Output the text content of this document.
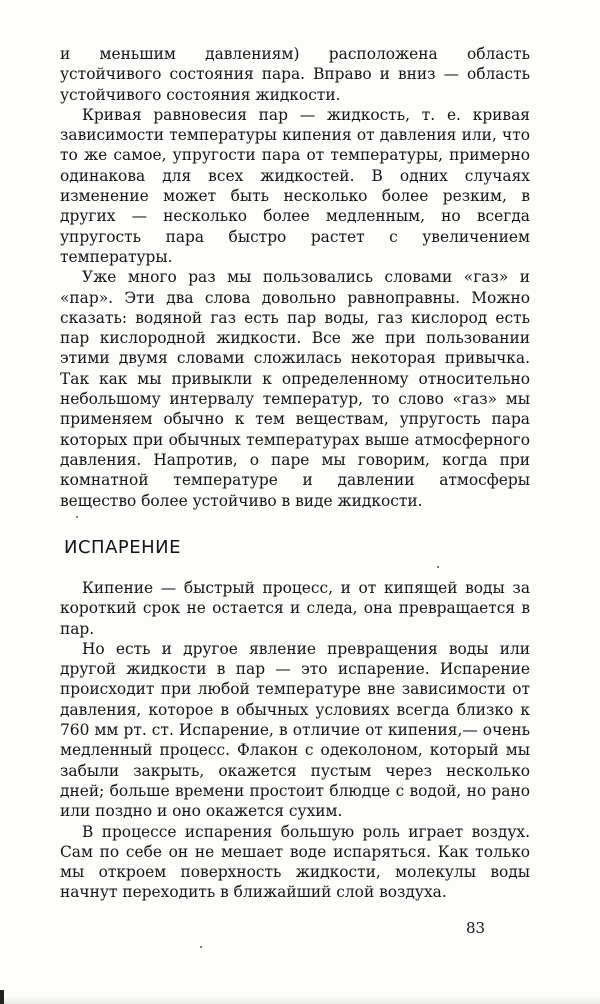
и меньшим давлениям) расположена область устойчивого состояния пара. Вправо и вниз — область устойчивого состояния жидкости.

Кривая равновесия пар — жидкость, т. е. кривая зависимости температуры кипения от давления или, что то же самое, упругости пара от температуры, примерно одинакова для всех жидкостей. В одних случаях изменение может быть несколько более резким, в других — несколько более медленным, но всегда упругость пара быстро растет с увеличением температуры.

Уже много раз мы пользовались словами «газ» и «пар». Эти два слова довольно равноправны. Можно сказать: водяной газ есть пар воды, газ кислород есть пар кислородной жидкости. Все же при пользовании этими двумя словами сложилась некоторая привычка. Так как мы привыкли к определенному относительно небольшому интервалу температур, то слово «газ» мы применяем обычно к тем веществам, упругость пара которых при обычных температурах выше атмосферного давления. Напротив, о паре мы говорим, когда при комнатной температуре и давлении атмосферы вещество более устойчиво в виде жидкости.

ИСПАРЕНИЕ

Кипение — быстрый процесс, и от кипящей воды за короткий срок не остается и следа, она превращается в пар.

Но есть и другое явление превращения воды или другой жидкости в пар — это испарение. Испарение происходит при любой температуре вне зависимости от давления, которое в обычных условиях всегда близко к 760 мм рт. ст. Испарение, в отличие от кипения,— очень медленный процесс. Флакон с одеколоном, который мы забыли закрыть, окажется пустым через несколько дней; больше времени простоит блюдце с водой, но рано или поздно и оно окажется сухим.

В процессе испарения большую роль играет воздух. Сам по себе он не мешает воде испаряться. Как только мы откроем поверхность жидкости, молекулы воды начнут переходить в ближайший слой воздуха.

83
